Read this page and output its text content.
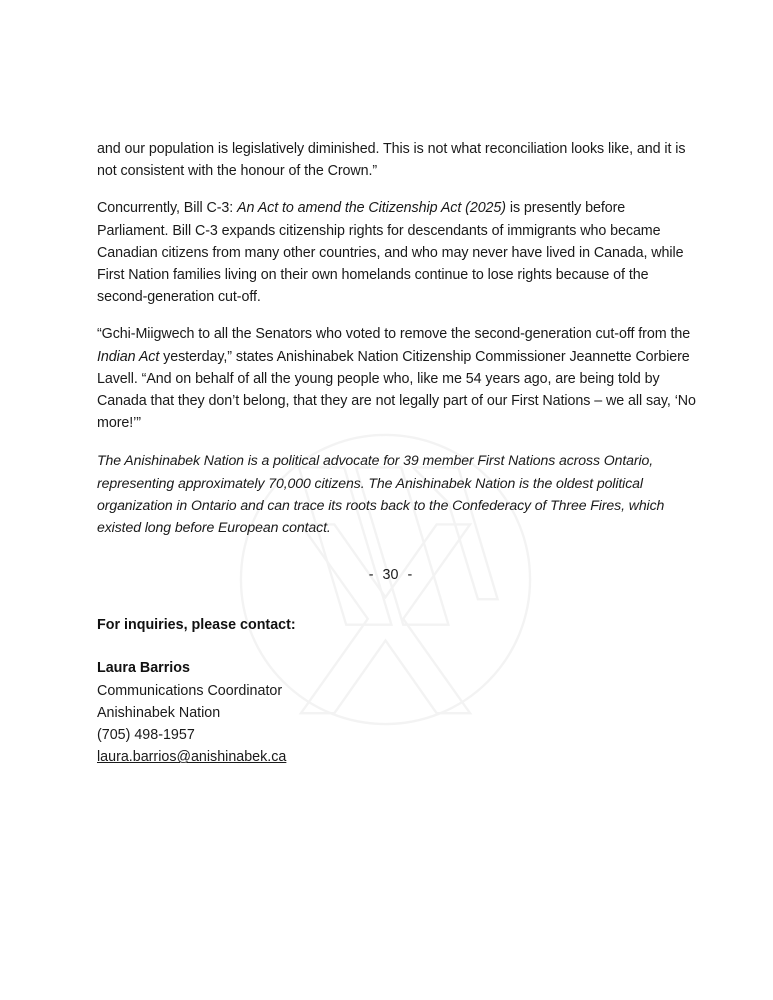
and our population is legislatively diminished. This is not what reconciliation looks like, and it is not consistent with the honour of the Crown.”

Concurrently, Bill C-3: An Act to amend the Citizenship Act (2025) is presently before Parliament. Bill C-3 expands citizenship rights for descendants of immigrants who became Canadian citizens from many other countries, and who may never have lived in Canada, while First Nation families living on their own homelands continue to lose rights because of the second-generation cut-off.

“Gchi-Miigwech to all the Senators who voted to remove the second-generation cut-off from the Indian Act yesterday,” states Anishinabek Nation Citizenship Commissioner Jeannette Corbiere Lavell. “And on behalf of all the young people who, like me 54 years ago, are being told by Canada that they don’t belong, that they are not legally part of our First Nations – we all say, ‘No more!’”

The Anishinabek Nation is a political advocate for 39 member First Nations across Ontario, representing approximately 70,000 citizens. The Anishinabek Nation is the oldest political organization in Ontario and can trace its roots back to the Confederacy of Three Fires, which existed long before European contact.

- 30 -

For inquiries, please contact:

Laura Barrios
Communications Coordinator
Anishinabek Nation
(705) 498-1957
laura.barrios@anishinabek.ca
